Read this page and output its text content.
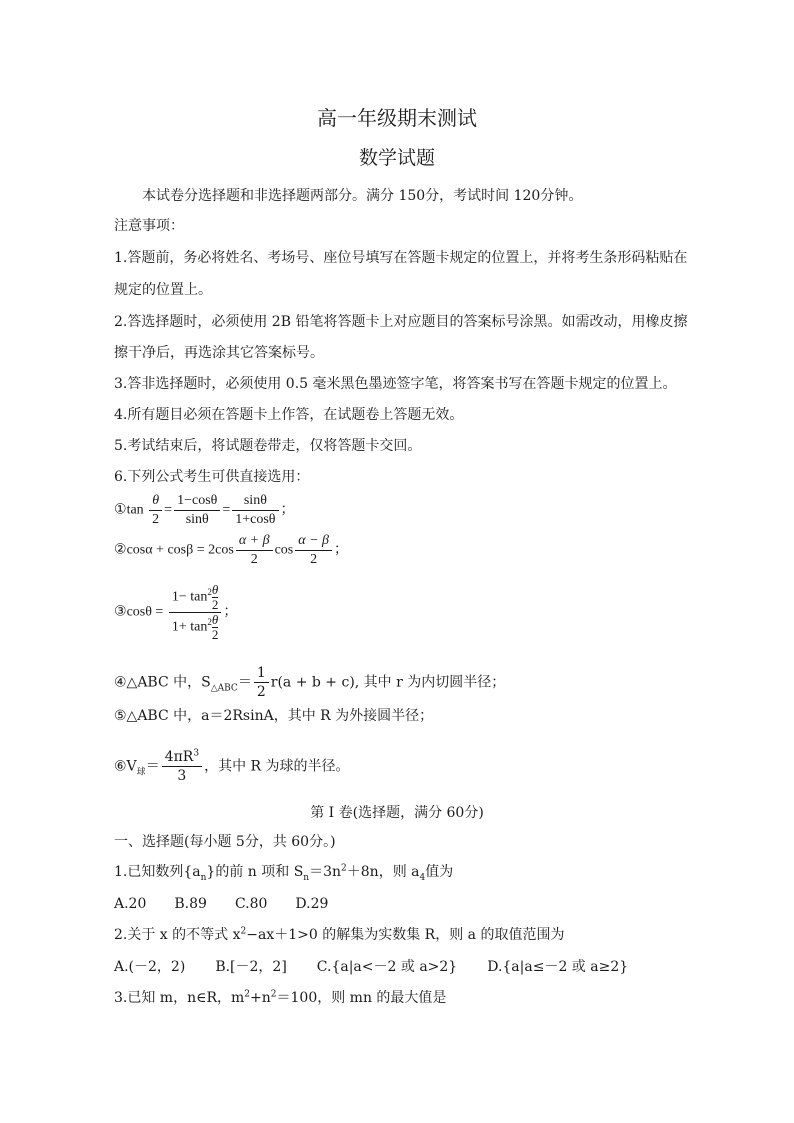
高一年级期末测试
数学试题
本试卷分选择题和非选择题两部分。满分 150分，考试时间 120分钟。
注意事项：
1.答题前，务必将姓名、考场号、座位号填写在答题卡规定的位置上，并将考生条形码粘贴在
规定的位置上。
2.答选择题时，必须使用 2B 铅笔将答题卡上对应题目的答案标号涂黑。如需改动，用橡皮擦
擦干净后，再选涂其它答案标号。
3.答非选择题时，必须使用 0.5 毫米黑色墨迹签字笔，将答案书写在答题卡规定的位置上。
4.所有题目必须在答题卡上作答，在试题卷上答题无效。
5.考试结束后，将试题卷带走，仅将答题卡交回。
6.下列公式考生可供直接选用：
①tan $\frac{\theta}{2} = \frac{1-\cos\theta}{\sin\theta} = \frac{\sin\theta}{1+\cos\theta}$ ；
②cosα + $\cos\beta = 2\cos \frac{\alpha + \beta}{2}$ $\cos \frac{\alpha - \beta}{2}$ ；
③cosθ = $\frac{1- \tan^2 \frac{\theta}{2}}{1+ \tan^2 \frac{\theta}{2}}$ ；
④△ABC 中，$S_{\triangle ABC}= \frac{1}{2} r(a + b + c)$, 其中 r 为内切圆半径；
⑤△ABC 中，a＝2RsinA，其中 R 为外接圆半径；
$⑥V_球= \frac{4\pi R^3}{3}$ ，其中 R 为球的半径。
第 I 卷(选择题，满分 60分)
一、选择题(每小题 5分，共 60分。)
1.已知数列$\{a_n\}$的前 n 项和 $S_n=3n^2+8n$，则 $a_4$值为
A.20 B.89 C.80 D.29
2.关于 x 的不等式 $x^2-ax+1>0$ 的解集为实数集 R，则 a 的取值范围为
A.(－2，2) B.[－2，2] C.{a|a<－2 或 a>2} D.{a|a≤－2 或 a≥2}
3.已知 m，n∈R，$m^2+n^2=100$，则 mn 的最大值是
